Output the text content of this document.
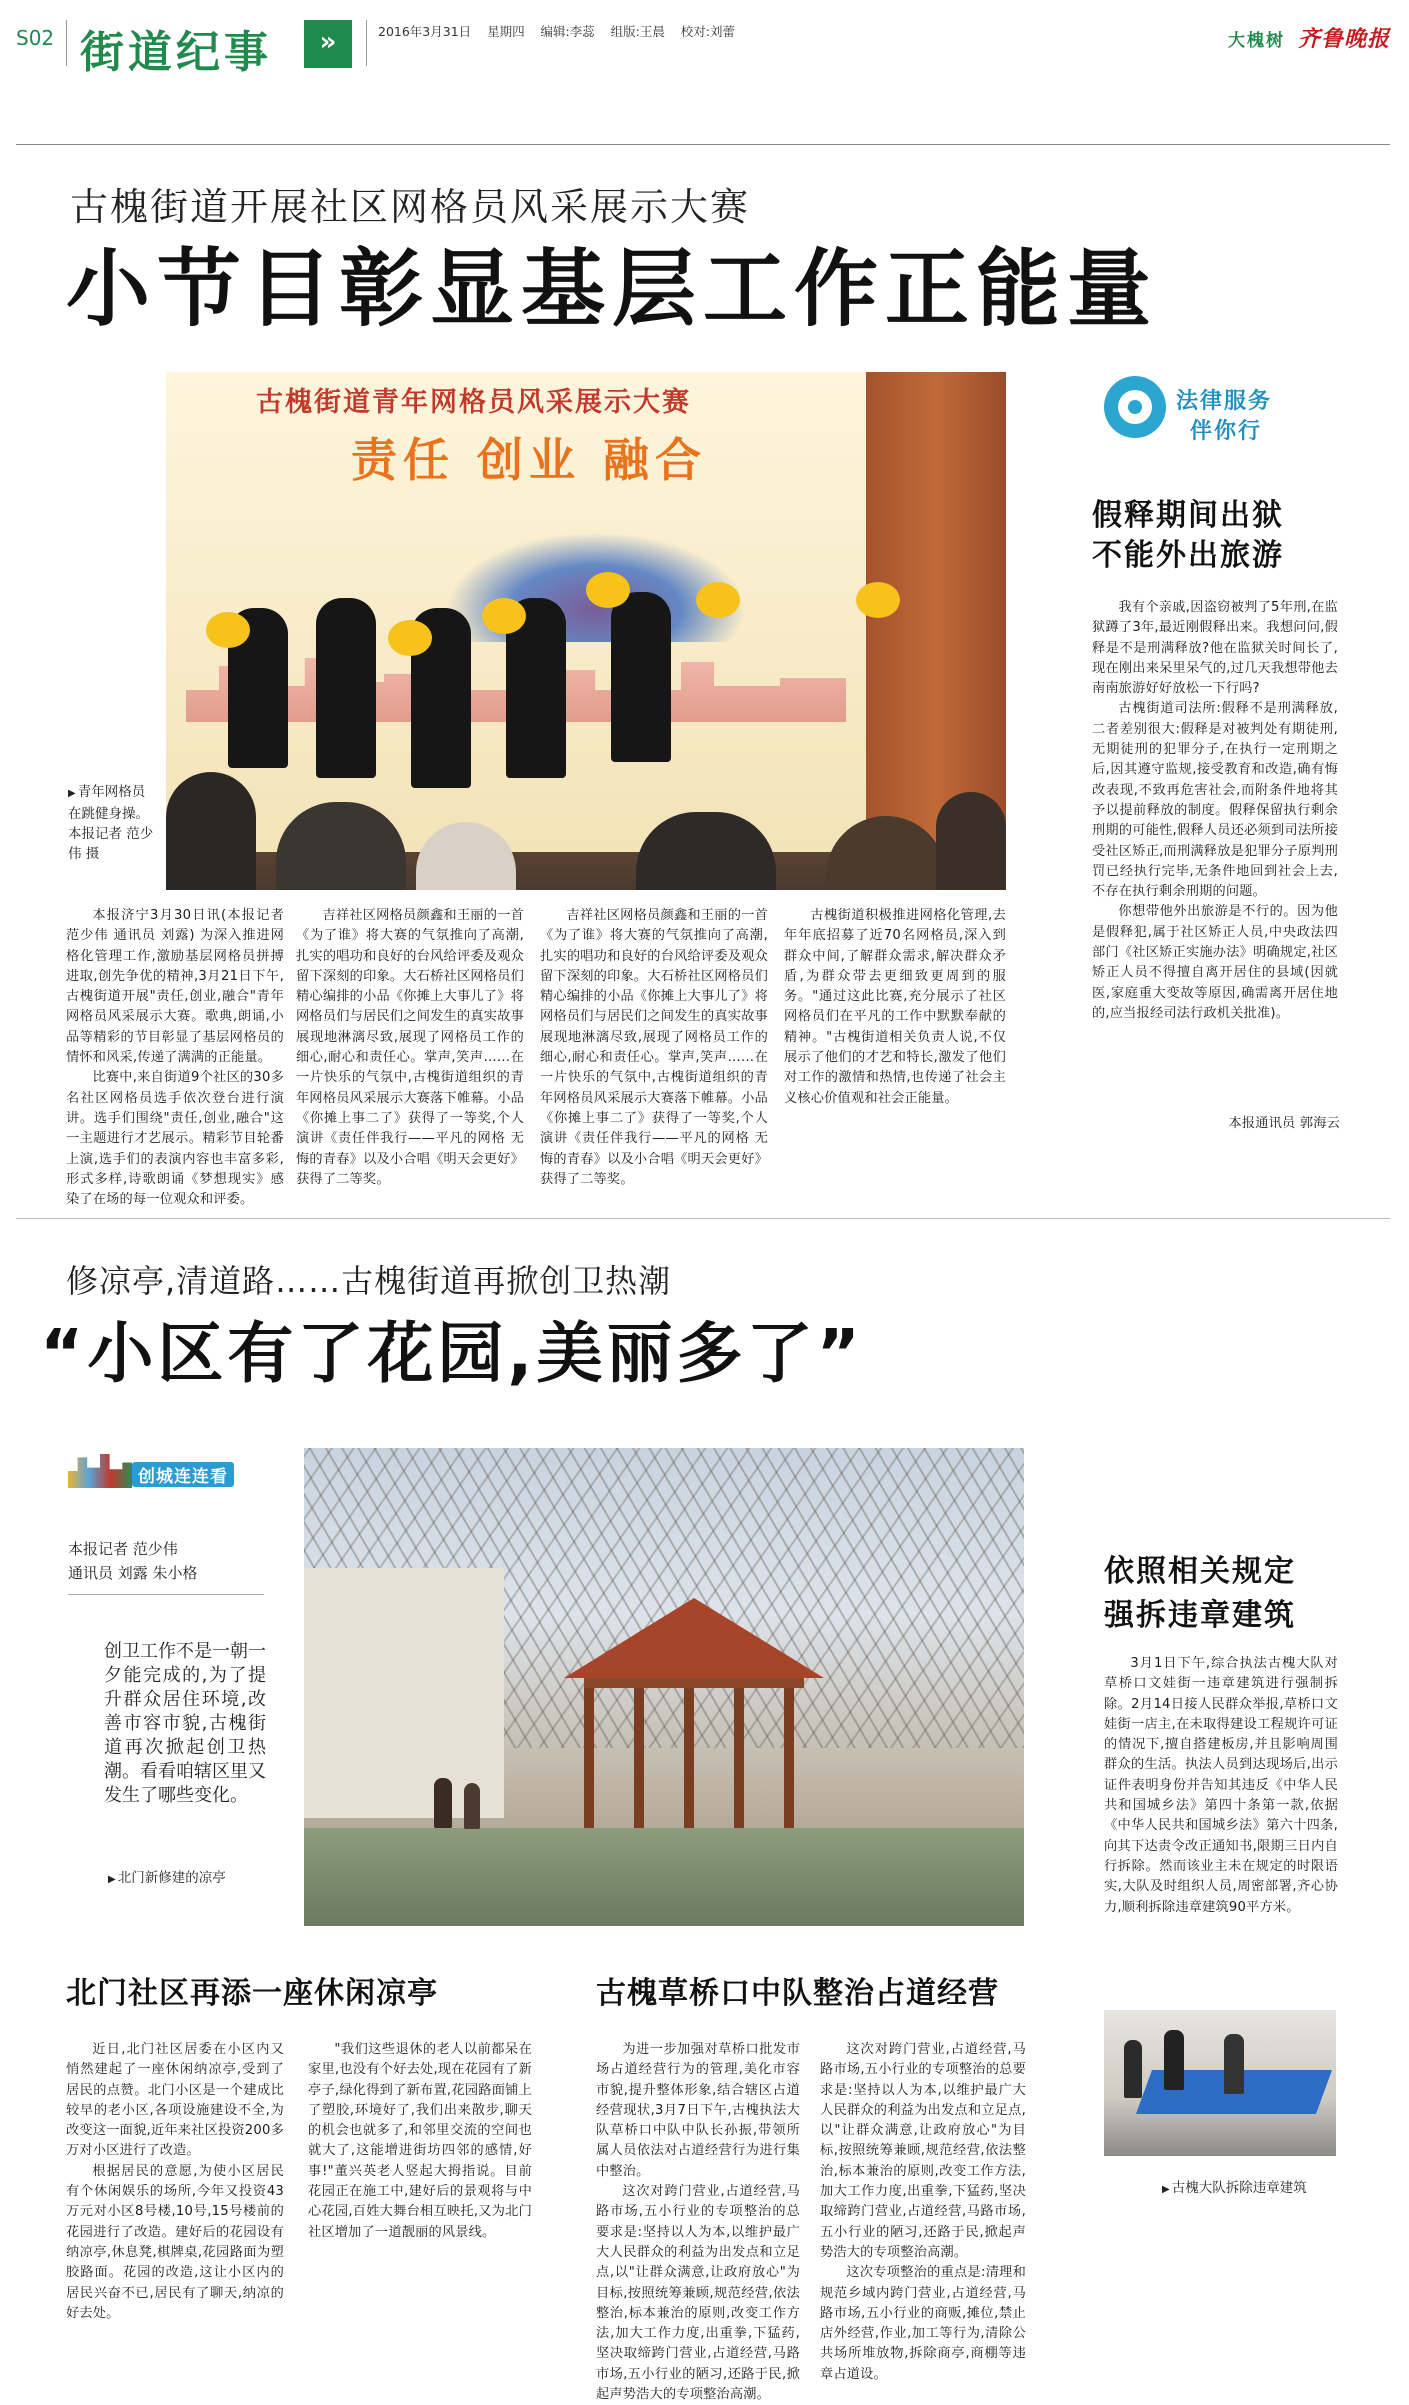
S02 街道纪事	»	2016年3月31日 星期四 编辑:李蕊 组版:王晨 校对:刘蕾	大槐树 齐鲁晚报
古槐街道开展社区网格员风采展示大赛
小节目彰显基层工作正能量
古槐街道青年网格员风采展示大赛
责任 创业 融合
▶ 青年网格员在跳健身操。本报记者 范少伟 摄

本报济宁3月30日讯(本报记者 范少伟 通讯员 刘露) 为深入推进网格化管理工作,激励基层网格员拼搏进取,创先争优的精神,3月21日下午,古槐街道开展"责任,创业,融合"青年网格员风采展示大赛。歌典,朗诵,小品等精彩的节目彰显了基层网格员的情怀和风采,传递了满满的正能量。

比赛中,来自街道9个社区的30多名社区网格员选手依次登台进行演讲。选手们围绕"责任,创业,融合"这一主题进行才艺展示。精彩节目轮番上演,选手们的表演内容也丰富多彩,形式多样,诗歌朗诵《梦想现实》感染了在场的每一位观众和评委。

吉祥社区网格员颜鑫和王丽的一首《为了谁》将大赛的气氛推向了高潮,扎实的唱功和良好的台风给评委及观众留下深刻的印象。大石桥社区网格员们精心编排的小品《你摊上大事儿了》将网格员们与居民们之间发生的真实故事展现地淋漓尽致,展现了网格员工作的细心,耐心和责任心。掌声,笑声……在一片快乐的气氛中,古槐街道组织的青年网格员风采展示大赛落下帷幕。小品《你摊上事二了》获得了一等奖,个人演讲《责任伴我行——平凡的网格 无悔的青春》以及小合唱《明天会更好》获得了二等奖。

吉祥社区网格员颜鑫和王丽的一首《为了谁》将大赛的气氛推向了高潮,扎实的唱功和良好的台风给评委及观众留下深刻的印象。大石桥社区网格员们精心编排的小品《你摊上大事儿了》将网格员们与居民们之间发生的真实故事展现地淋漓尽致,展现了网格员工作的细心,耐心和责任心。掌声,笑声……在一片快乐的气氛中,古槐街道组织的青年网格员风采展示大赛落下帷幕。小品《你摊上事二了》获得了一等奖,个人演讲《责任伴我行——平凡的网格 无悔的青春》以及小合唱《明天会更好》获得了二等奖。

古槐街道积极推进网格化管理,去年年底招募了近70名网格员,深入到群众中间,了解群众需求,解决群众矛盾,为群众带去更细致更周到的服务。"通过这此比赛,充分展示了社区网格员们在平凡的工作中默默奉献的精神。"古槐街道相关负责人说,不仅展示了他们的才艺和特长,激发了他们对工作的激情和热情,也传递了社会主义核心价值观和社会正能量。

法律服务
伴你行
假释期间出狱
不能外出旅游

我有个亲戚,因盗窃被判了5年刑,在监狱蹲了3年,最近刚假释出来。我想问问,假释是不是刑满释放?他在监狱关时间长了,现在刚出来呆里呆气的,过几天我想带他去南南旅游好好放松一下行吗?

古槐街道司法所:假释不是刑满释放,二者差别很大:假释是对被判处有期徒刑,无期徒刑的犯罪分子,在执行一定刑期之后,因其遵守监规,接受教育和改造,确有悔改表现,不致再危害社会,而附条件地将其予以提前释放的制度。假释保留执行剩余刑期的可能性,假释人员还必须到司法所接受社区矫正,而刑满释放是犯罪分子原判刑罚已经执行完毕,无条件地回到社会上去,不存在执行剩余刑期的问题。

你想带他外出旅游是不行的。因为他是假释犯,属于社区矫正人员,中央政法四部门《社区矫正实施办法》明确规定,社区矫正人员不得擅自离开居住的县域(因就医,家庭重大变故等原因,确需离开居住地的,应当报经司法行政机关批准)。

本报通讯员 郭海云
修凉亭,清道路……古槐街道再掀创卫热潮
“小区有了花园,美丽多了”
创城连连看
本报记者 范少伟
通讯员 刘露 朱小格
创卫工作不是一朝一夕能完成的,为了提升群众居住环境,改善市容市貌,古槐街道再次掀起创卫热潮。看看咱辖区里又发生了哪些变化。
▶ 北门新修建的凉亭
依照相关规定
强拆违章建筑

3月1日下午,综合执法古槐大队对草桥口文娃街一违章建筑进行强制拆除。2月14日接人民群众举报,草桥口文娃街一店主,在未取得建设工程规许可证的情况下,擅自搭建板房,并且影响周围群众的生活。执法人员到达现场后,出示证件表明身份并告知其违反《中华人民共和国城乡法》第四十条第一款,依据《中华人民共和国城乡法》第六十四条,向其下达责令改正通知书,限期三日内自行拆除。然而该业主未在规定的时限语实,大队及时组织人员,周密部署,齐心协力,顺利拆除违章建筑90平方米。

▶ 古槐大队拆除违章建筑
北门社区再添一座休闲凉亭

近日,北门社区居委在小区内又悄然建起了一座休闲纳凉亭,受到了居民的点赞。北门小区是一个建成比较早的老小区,各项设施建设不全,为改变这一面貌,近年来社区投资200多万对小区进行了改造。

根据居民的意愿,为使小区居民有个休闲娱乐的场所,今年又投资43万元对小区8号楼,10号,15号楼前的花园进行了改造。建好后的花园设有纳凉亭,休息凳,棋牌桌,花园路面为塑胶路面。花园的改造,这让小区内的居民兴奋不已,居民有了聊天,纳凉的好去处。

"我们这些退休的老人以前都呆在家里,也没有个好去处,现在花园有了新亭子,绿化得到了新布置,花园路面铺上了塑胶,环境好了,我们出来散步,聊天的机会也就多了,和邻里交流的空间也就大了,这能增进街坊四邻的感情,好事!"董兴英老人竖起大拇指说。目前花园正在施工中,建好后的景观将与中心花园,百姓大舞台相互映托,又为北门社区增加了一道靓丽的风景线。

古槐草桥口中队整治占道经营

为进一步加强对草桥口批发市场占道经营行为的管理,美化市容市貌,提升整体形象,结合辖区占道经营现状,3月7日下午,古槐执法大队草桥口中队中队长孙振,带领所属人员依法对占道经营行为进行集中整治。

这次对跨门营业,占道经营,马路市场,五小行业的专项整治的总要求是:坚持以人为本,以维护最广大人民群众的利益为出发点和立足点,以"让群众满意,让政府放心"为目标,按照统筹兼顾,规范经营,依法整治,标本兼治的原则,改变工作方法,加大工作力度,出重拳,下猛药,坚决取缔跨门营业,占道经营,马路市场,五小行业的陋习,还路于民,掀起声势浩大的专项整治高潮。

这次对跨门营业,占道经营,马路市场,五小行业的专项整治的总要求是:坚持以人为本,以维护最广大人民群众的利益为出发点和立足点,以"让群众满意,让政府放心"为目标,按照统筹兼顾,规范经营,依法整治,标本兼治的原则,改变工作方法,加大工作力度,出重拳,下猛药,坚决取缔跨门营业,占道经营,马路市场,五小行业的陋习,还路于民,掀起声势浩大的专项整治高潮。

这次专项整治的重点是:清理和规范乡域内跨门营业,占道经营,马路市场,五小行业的商贩,摊位,禁止店外经营,作业,加工等行为,清除公共场所堆放物,拆除商亭,商棚等违章占道设。
